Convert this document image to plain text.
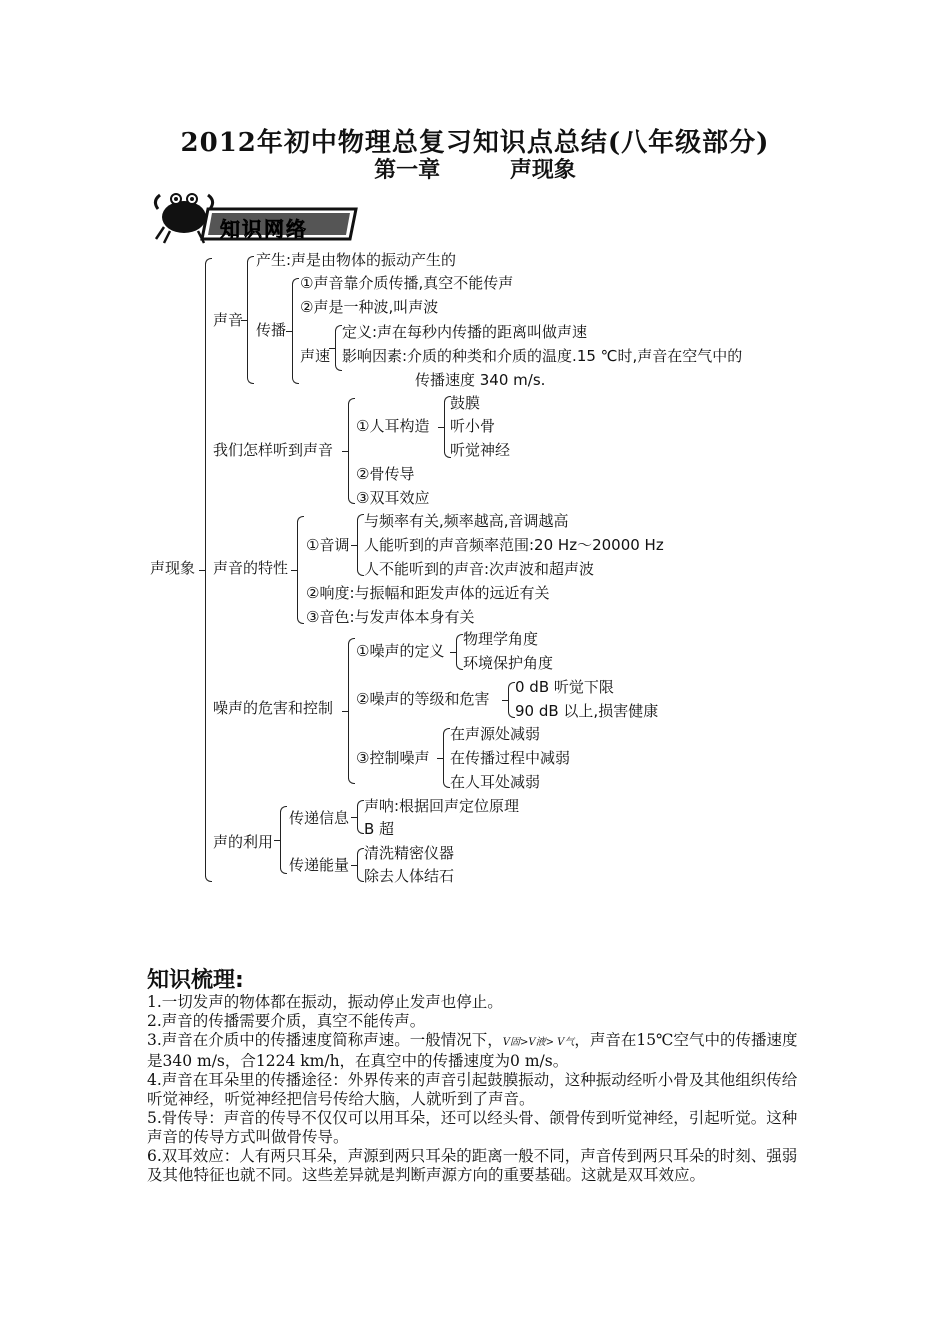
2012年初中物理总复习知识点总结(八年级部分)
第一章　 声现象
知识网络
声现象
声音
产生:声是由物体的振动产生的
传播
①声音靠介质传播,真空不能传声
②声是一种波,叫声波
声速
定义:声在每秒内传播的距离叫做声速
影响因素:介质的种类和介质的温度.15 ℃时,声音在空气中的
传播速度 340 m/s.
我们怎样听到声音
①人耳构造
鼓膜
听小骨
听觉神经
②骨传导
③双耳效应
声音的特性
①音调
与频率有关,频率越高,音调越高
人能听到的声音频率范围:20 Hz～20000 Hz
人不能听到的声音:次声波和超声波
②响度:与振幅和距发声体的远近有关
③音色:与发声体本身有关
噪声的危害和控制
①噪声的定义
物理学角度
环境保护角度
②噪声的等级和危害
0 dB 听觉下限
90 dB 以上,损害健康
③控制噪声
在声源处减弱
在传播过程中减弱
在人耳处减弱
声的利用
传递信息
声呐:根据回声定位原理
B 超
传递能量
清洗精密仪器
除去人体结石
知识梳理:

1.一切发声的物体都在振动，振动停止发声也停止。

2.声音的传播需要介质，真空不能传声。

3.声音在介质中的传播速度简称声速。一般情况下，V固>V液> V气，声音在15℃空气中的传播速度是340 m/s，合1224 km/h，在真空中的传播速度为0 m/s。

4.声音在耳朵里的传播途径：外界传来的声音引起鼓膜振动，这种振动经听小骨及其他组织传给听觉神经，听觉神经把信号传给大脑，人就听到了声音。

5.骨传导：声音的传导不仅仅可以用耳朵，还可以经头骨、颌骨传到听觉神经，引起听觉。这种声音的传导方式叫做骨传导。

6.双耳效应：人有两只耳朵，声源到两只耳朵的距离一般不同，声音传到两只耳朵的时刻、强弱及其他特征也就不同。这些差异就是判断声源方向的重要基础。这就是双耳效应。
